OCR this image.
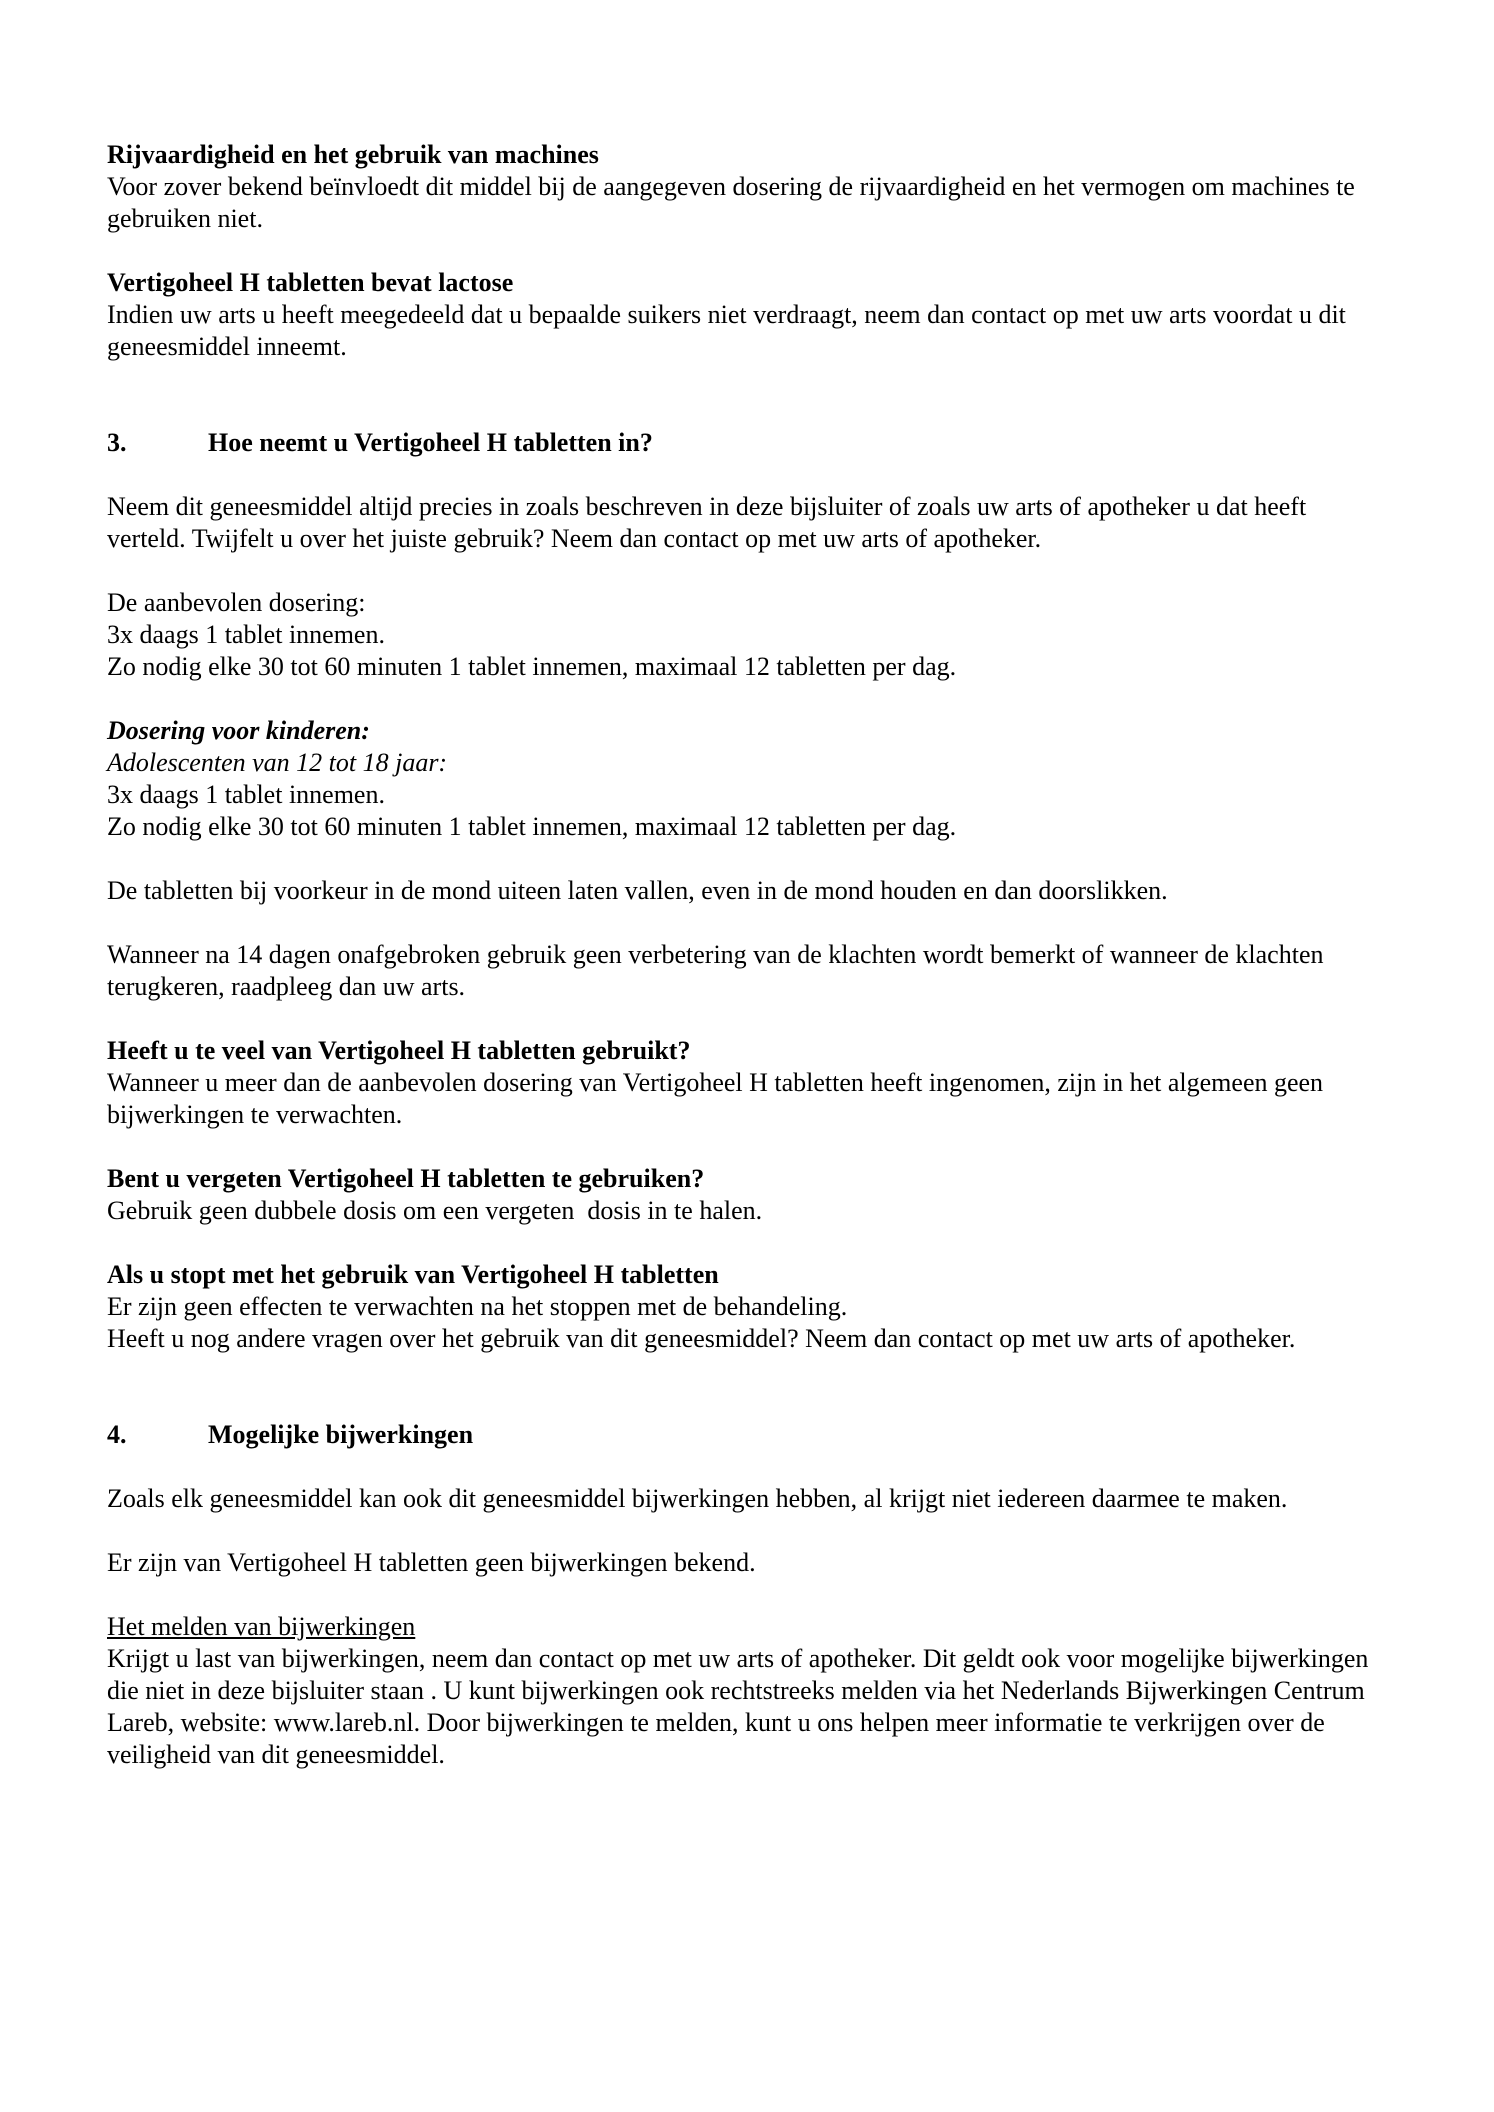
Rijvaardigheid en het gebruik van machines

Voor zover bekend beïnvloedt dit middel bij de aangegeven dosering de rijvaardigheid en het vermogen om machines te gebruiken niet.

Vertigoheel H tabletten bevat lactose

Indien uw arts u heeft meegedeeld dat u bepaalde suikers niet verdraagt, neem dan contact op met uw arts voordat u dit geneesmiddel inneemt.

3.	Hoe neemt u Vertigoheel H tabletten in?

Neem dit geneesmiddel altijd precies in zoals beschreven in deze bijsluiter of zoals uw arts of apotheker u dat heeft verteld. Twijfelt u over het juiste gebruik? Neem dan contact op met uw arts of apotheker.

De aanbevolen dosering:

3x daags 1 tablet innemen.

Zo nodig elke 30 tot 60 minuten 1 tablet innemen, maximaal 12 tabletten per dag.

Dosering voor kinderen:

Adolescenten van 12 tot 18 jaar:

3x daags 1 tablet innemen.

Zo nodig elke 30 tot 60 minuten 1 tablet innemen, maximaal 12 tabletten per dag.

De tabletten bij voorkeur in de mond uiteen laten vallen, even in de mond houden en dan doorslikken.

Wanneer na 14 dagen onafgebroken gebruik geen verbetering van de klachten wordt bemerkt of wanneer de klachten terugkeren, raadpleeg dan uw arts.

Heeft u te veel van Vertigoheel H tabletten gebruikt?

Wanneer u meer dan de aanbevolen dosering van Vertigoheel H tabletten heeft ingenomen, zijn in het algemeen geen bijwerkingen te verwachten.

Bent u vergeten Vertigoheel H tabletten te gebruiken?

Gebruik geen dubbele dosis om een vergeten  dosis in te halen.

Als u stopt met het gebruik van Vertigoheel H tabletten

Er zijn geen effecten te verwachten na het stoppen met de behandeling.

Heeft u nog andere vragen over het gebruik van dit geneesmiddel? Neem dan contact op met uw arts of apotheker.

4.	Mogelijke bijwerkingen

Zoals elk geneesmiddel kan ook dit geneesmiddel bijwerkingen hebben, al krijgt niet iedereen daarmee te maken.

Er zijn van Vertigoheel H tabletten geen bijwerkingen bekend.

Het melden van bijwerkingen

Krijgt u last van bijwerkingen, neem dan contact op met uw arts of apotheker. Dit geldt ook voor mogelijke bijwerkingen die niet in deze bijsluiter staan . U kunt bijwerkingen ook rechtstreeks melden via het Nederlands Bijwerkingen Centrum Lareb, website: www.lareb.nl. Door bijwerkingen te melden, kunt u ons helpen meer informatie te verkrijgen over de veiligheid van dit geneesmiddel.
